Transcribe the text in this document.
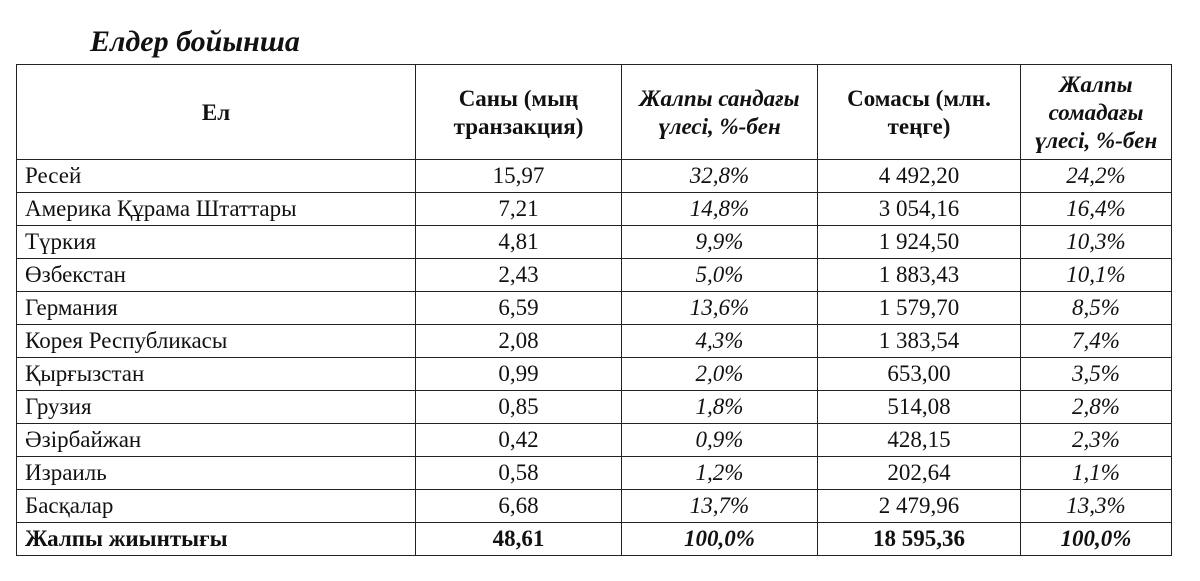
Елдер бойынша
Ел	Саны (мың транзакция)	Жалпы сандағы үлесі, %-бен	Сомасы (млн. теңге)	Жалпы сомадағы үлесі, %-бен
Ресей	15,97	32,8%	4 492,20	24,2%
Америка Құрама Штаттары	7,21	14,8%	3 054,16	16,4%
Түркия	4,81	9,9%	1 924,50	10,3%
Өзбекстан	2,43	5,0%	1 883,43	10,1%
Германия	6,59	13,6%	1 579,70	8,5%
Корея Республикасы	2,08	4,3%	1 383,54	7,4%
Қырғызстан	0,99	2,0%	653,00	3,5%
Грузия	0,85	1,8%	514,08	2,8%
Әзірбайжан	0,42	0,9%	428,15	2,3%
Израиль	0,58	1,2%	202,64	1,1%
Басқалар	6,68	13,7%	2 479,96	13,3%
Жалпы жиынтығы	48,61	100,0%	18 595,36	100,0%
